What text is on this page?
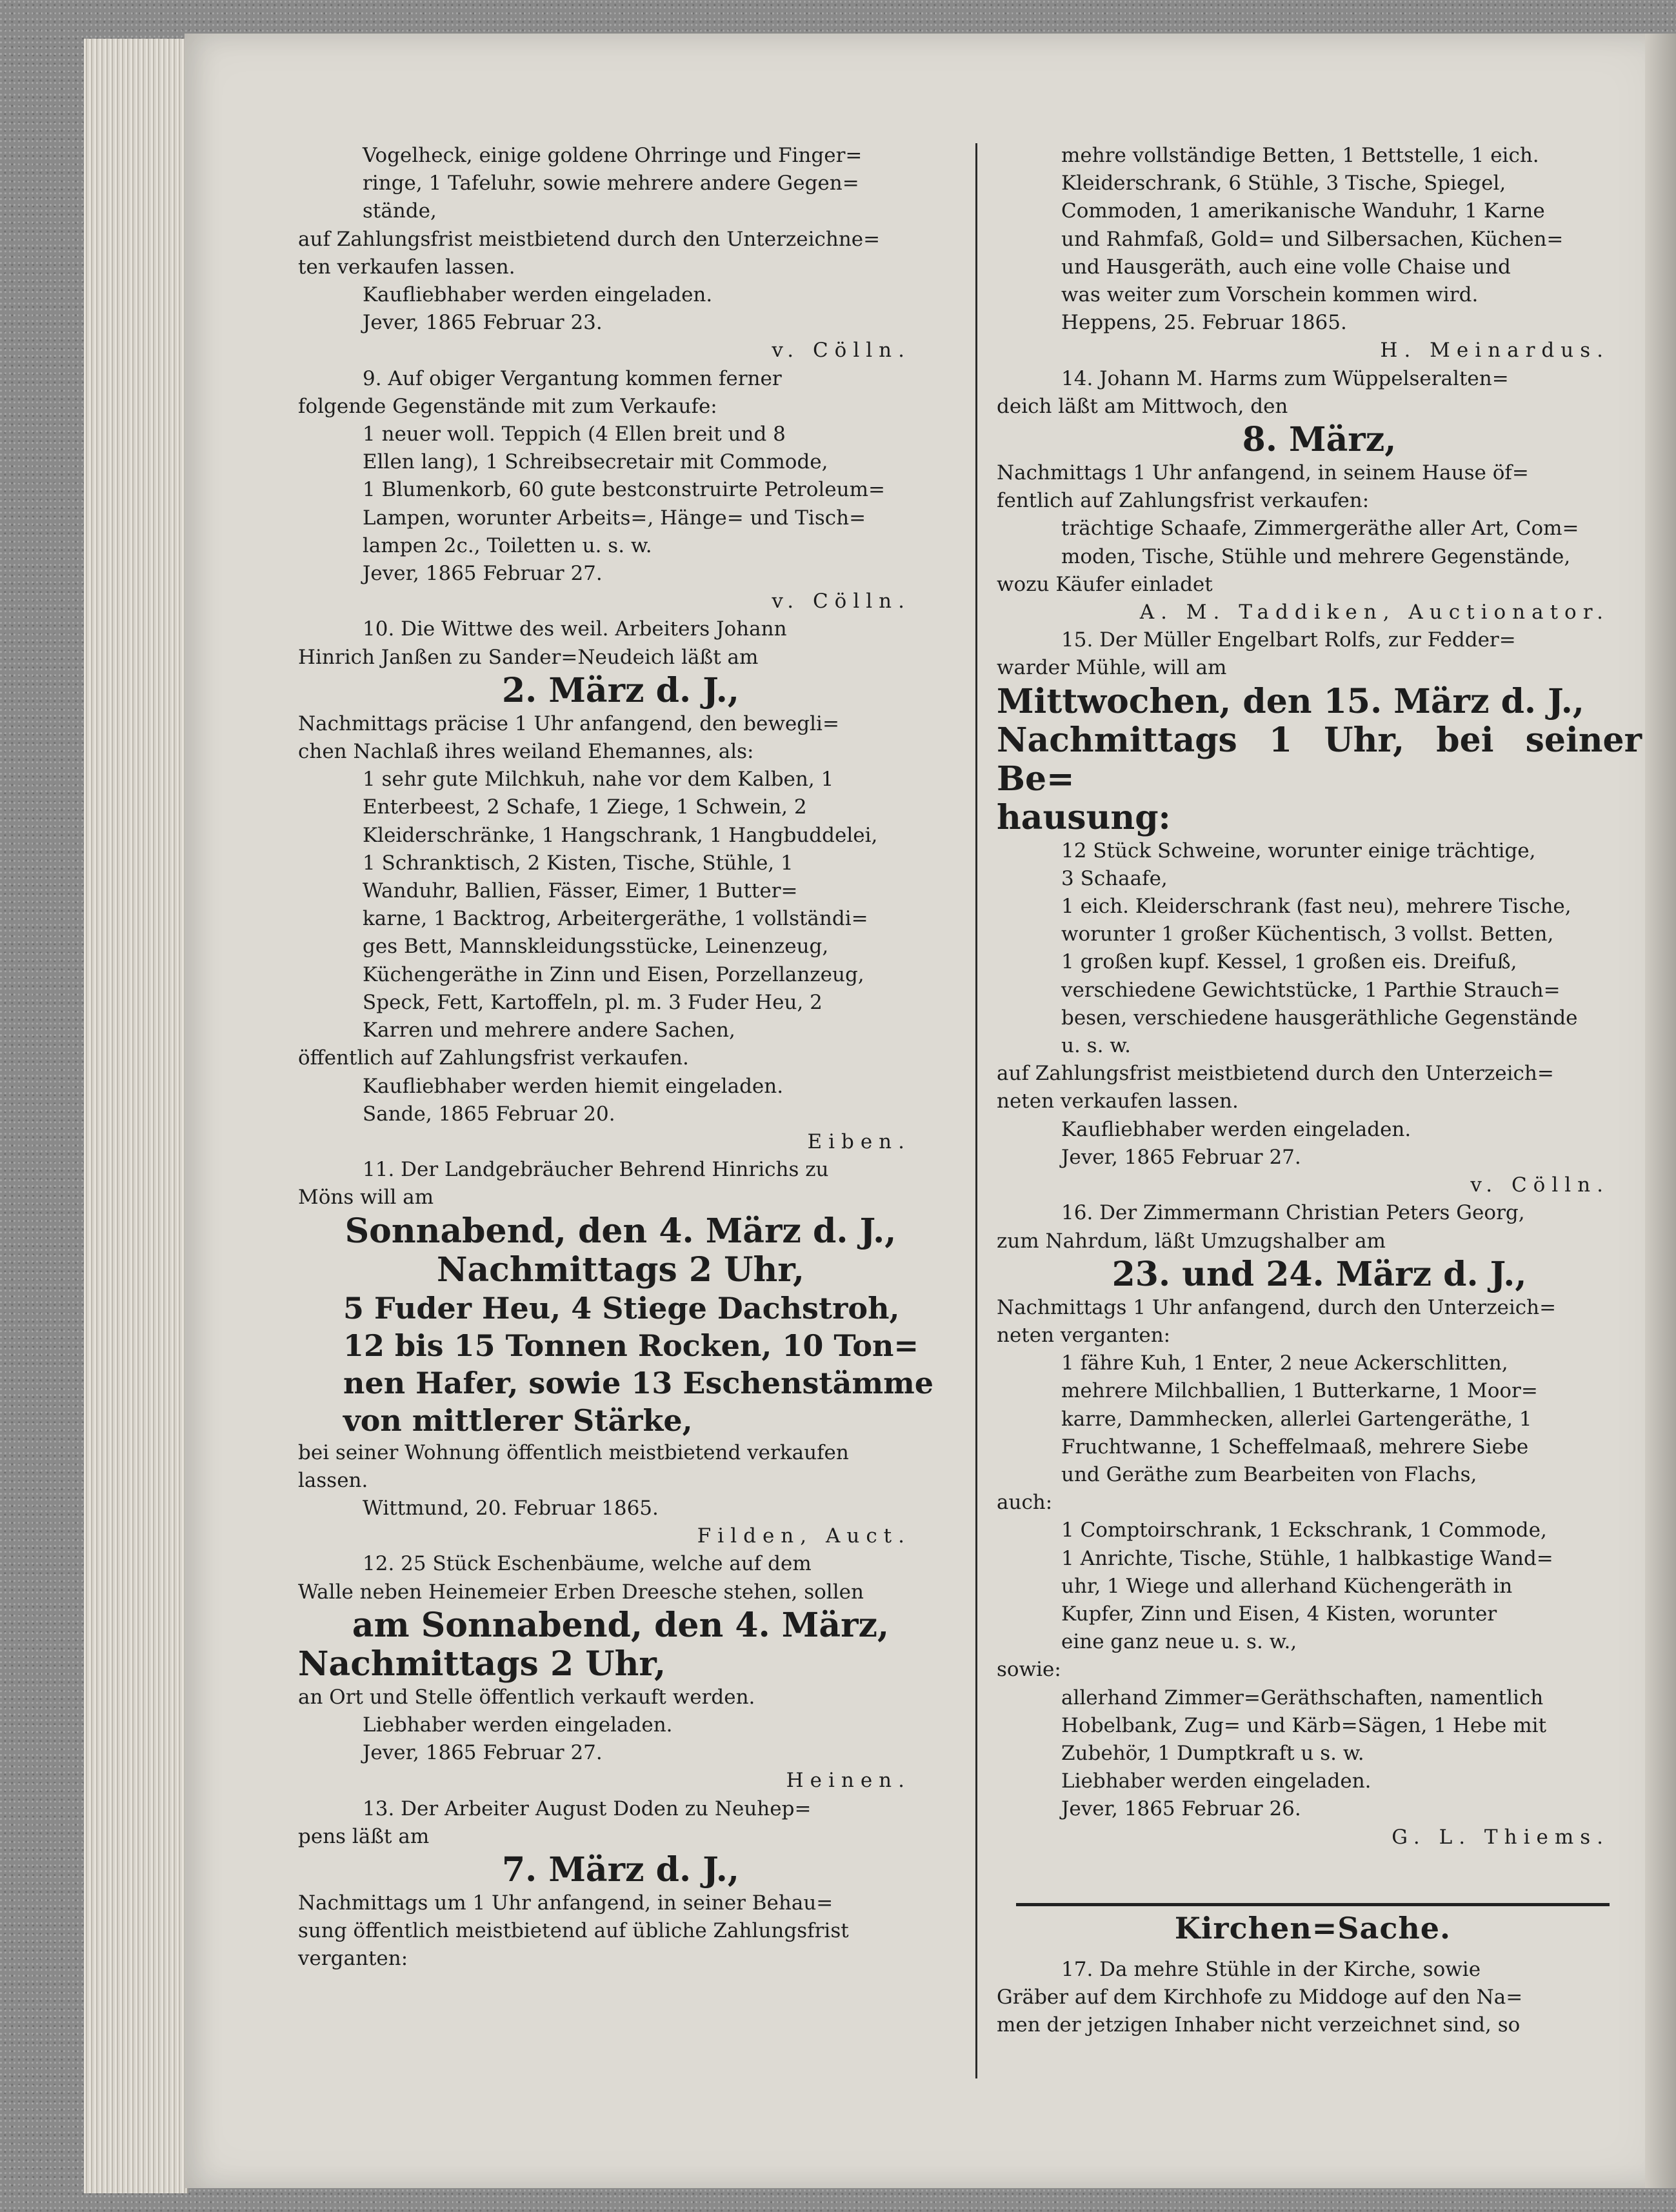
Vogelheck, einige goldene Ohrringe und Finger=

ringe, 1 Tafeluhr, sowie mehrere andere Gegen=

stände,

auf Zahlungsfrist meistbietend durch den Unterzeichne=

ten verkaufen lassen.

Kaufliebhaber werden eingeladen.

Jever, 1865 Februar 23.

v. Cölln.

9. Auf obiger Vergantung kommen ferner

folgende Gegenstände mit zum Verkaufe:

1 neuer woll. Teppich (4 Ellen breit und 8

Ellen lang), 1 Schreibsecretair mit Commode,

1 Blumenkorb, 60 gute bestconstruirte Petroleum=

Lampen, worunter Arbeits=, Hänge= und Tisch=

lampen 2c., Toiletten u. s. w.

Jever, 1865 Februar 27.

v. Cölln.

10. Die Wittwe des weil. Arbeiters Johann

Hinrich Janßen zu Sander=Neudeich läßt am

2. März d. J.,

Nachmittags präcise 1 Uhr anfangend, den bewegli=

chen Nachlaß ihres weiland Ehemannes, als:

1 sehr gute Milchkuh, nahe vor dem Kalben, 1

Enterbeest, 2 Schafe, 1 Ziege, 1 Schwein, 2

Kleiderschränke, 1 Hangschrank, 1 Hangbuddelei,

1 Schranktisch, 2 Kisten, Tische, Stühle, 1

Wanduhr, Ballien, Fässer, Eimer, 1 Butter=

karne, 1 Backtrog, Arbeitergeräthe, 1 vollständi=

ges Bett, Mannskleidungsstücke, Leinenzeug,

Küchengeräthe in Zinn und Eisen, Porzellanzeug,

Speck, Fett, Kartoffeln, pl. m. 3 Fuder Heu, 2

Karren und mehrere andere Sachen,

öffentlich auf Zahlungsfrist verkaufen.

Kaufliebhaber werden hiemit eingeladen.

Sande, 1865 Februar 20.

Eiben.

11. Der Landgebräucher Behrend Hinrichs zu

Möns will am

Sonnabend, den 4. März d. J.,

Nachmittags 2 Uhr,

5 Fuder Heu, 4 Stiege Dachstroh,

12 bis 15 Tonnen Rocken, 10 Ton=

nen Hafer, sowie 13 Eschenstämme

von mittlerer Stärke,

bei seiner Wohnung öffentlich meistbietend verkaufen

lassen.

Wittmund, 20. Februar 1865.

Filden, Auct.

12. 25 Stück Eschenbäume, welche auf dem

Walle neben Heinemeier Erben Dreesche stehen, sollen

am Sonnabend, den 4. März,

Nachmittags 2 Uhr,

an Ort und Stelle öffentlich verkauft werden.

Liebhaber werden eingeladen.

Jever, 1865 Februar 27.

Heinen.

13. Der Arbeiter August Doden zu Neuhep=

pens läßt am

7. März d. J.,

Nachmittags um 1 Uhr anfangend, in seiner Behau=

sung öffentlich meistbietend auf übliche Zahlungsfrist

verganten:

mehre vollständige Betten, 1 Bettstelle, 1 eich.

Kleiderschrank, 6 Stühle, 3 Tische, Spiegel,

Commoden, 1 amerikanische Wanduhr, 1 Karne

und Rahmfaß, Gold= und Silbersachen, Küchen=

und Hausgeräth, auch eine volle Chaise und

was weiter zum Vorschein kommen wird.

Heppens, 25. Februar 1865.

H. Meinardus.

14. Johann M. Harms zum Wüppelseralten=

deich läßt am Mittwoch, den

8. März,

Nachmittags 1 Uhr anfangend, in seinem Hause öf=

fentlich auf Zahlungsfrist verkaufen:

trächtige Schaafe, Zimmergeräthe aller Art, Com=

moden, Tische, Stühle und mehrere Gegenstände,

wozu Käufer einladet

A. M. Taddiken, Auctionator.

15. Der Müller Engelbart Rolfs, zur Fedder=

warder Mühle, will am

Mittwochen, den 15. März d. J.,

Nachmittags 1 Uhr, bei seiner Be=

hausung:

12 Stück Schweine, worunter einige trächtige,

3 Schaafe,

1 eich. Kleiderschrank (fast neu), mehrere Tische,

worunter 1 großer Küchentisch, 3 vollst. Betten,

1 großen kupf. Kessel, 1 großen eis. Dreifuß,

verschiedene Gewichtstücke, 1 Parthie Strauch=

besen, verschiedene hausgeräthliche Gegenstände

u. s. w.

auf Zahlungsfrist meistbietend durch den Unterzeich=

neten verkaufen lassen.

Kaufliebhaber werden eingeladen.

Jever, 1865 Februar 27.

v. Cölln.

16. Der Zimmermann Christian Peters Georg,

zum Nahrdum, läßt Umzugshalber am

23. und 24. März d. J.,

Nachmittags 1 Uhr anfangend, durch den Unterzeich=

neten verganten:

1 fähre Kuh, 1 Enter, 2 neue Ackerschlitten,

mehrere Milchballien, 1 Butterkarne, 1 Moor=

karre, Dammhecken, allerlei Gartengeräthe, 1

Fruchtwanne, 1 Scheffelmaaß, mehrere Siebe

und Geräthe zum Bearbeiten von Flachs,

auch:

1 Comptoirschrank, 1 Eckschrank, 1 Commode,

1 Anrichte, Tische, Stühle, 1 halbkastige Wand=

uhr, 1 Wiege und allerhand Küchengeräth in

Kupfer, Zinn und Eisen, 4 Kisten, worunter

eine ganz neue u. s. w.,

sowie:

allerhand Zimmer=Geräthschaften, namentlich

Hobelbank, Zug= und Kärb=Sägen, 1 Hebe mit

Zubehör, 1 Dumptkraft u s. w.

Liebhaber werden eingeladen.

Jever, 1865 Februar 26.

G. L. Thiems.

Kirchen=Sache.

17. Da mehre Stühle in der Kirche, sowie

Gräber auf dem Kirchhofe zu Middoge auf den Na=

men der jetzigen Inhaber nicht verzeichnet sind, so
